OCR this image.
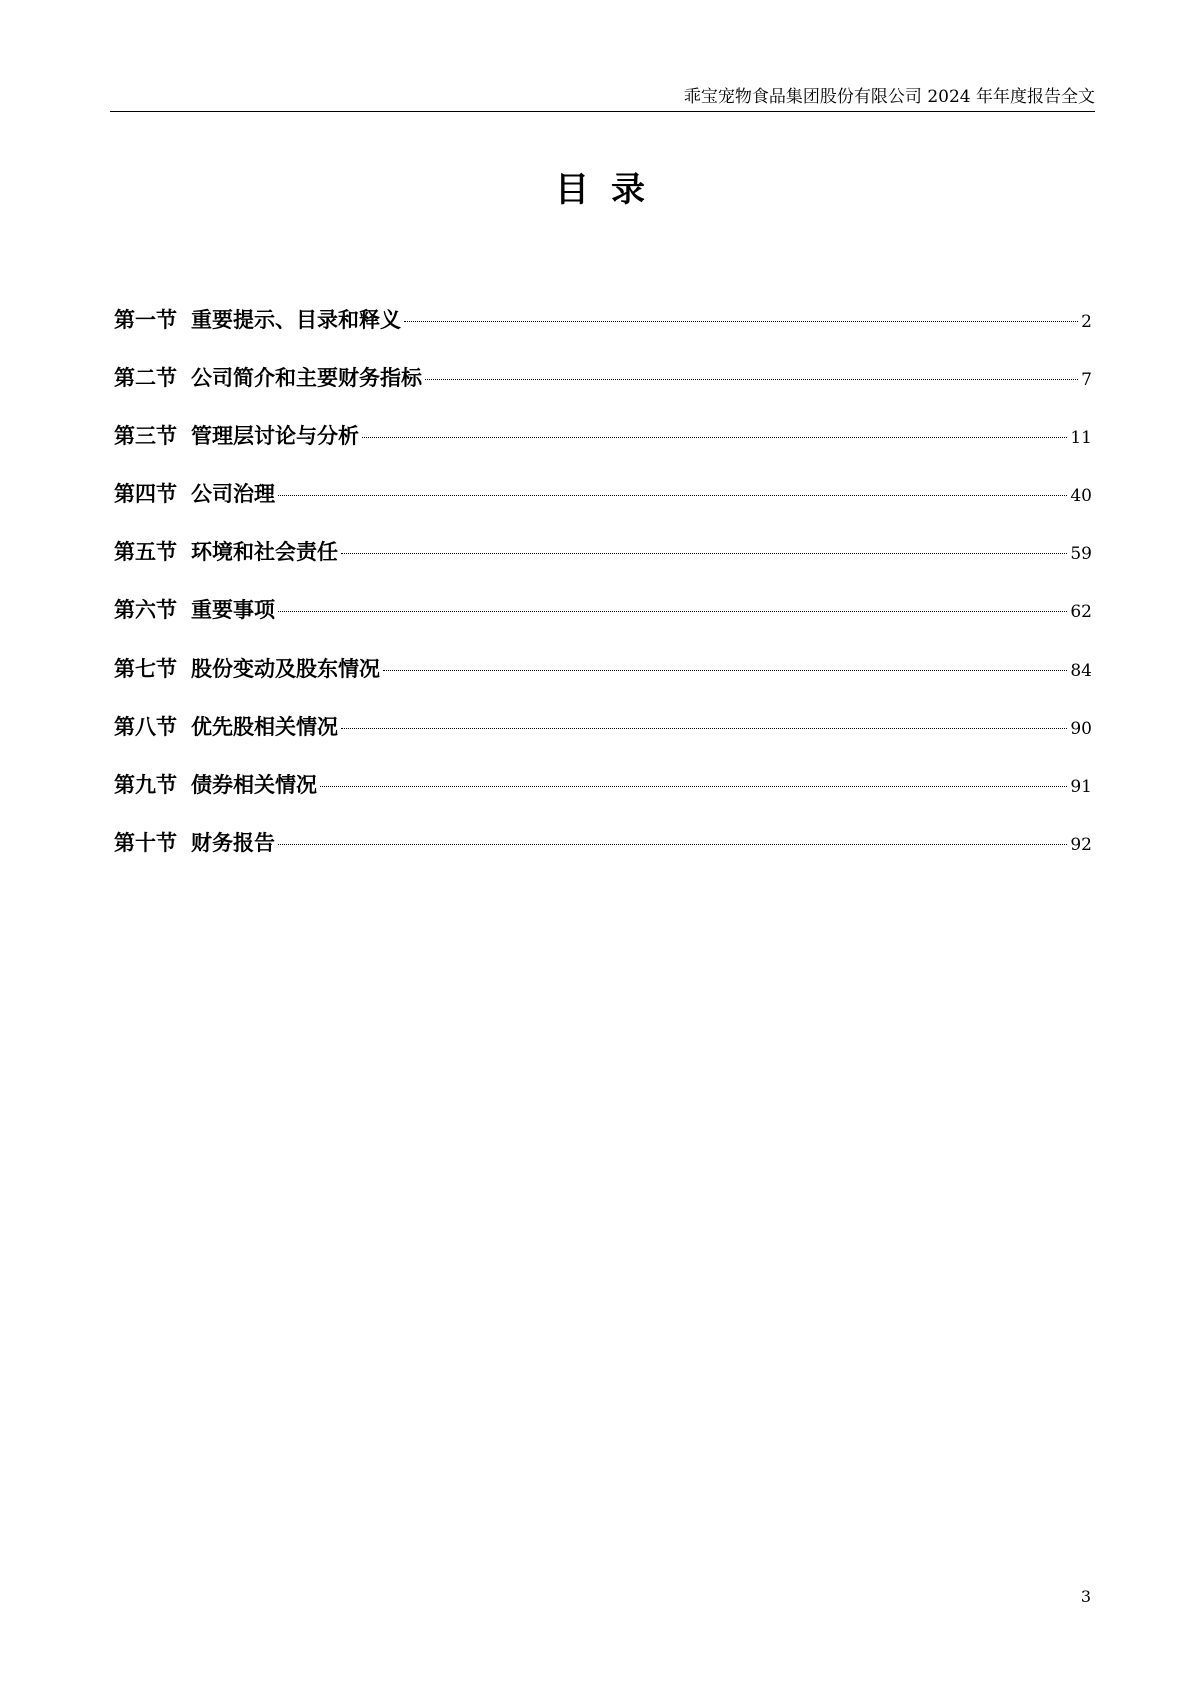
乖宝宠物食品集团股份有限公司 2024 年年度报告全文
目录
第一节 重要提示、目录和释义	2
第二节 公司简介和主要财务指标	7
第三节 管理层讨论与分析	11
第四节 公司治理	40
第五节 环境和社会责任	59
第六节 重要事项	62
第七节 股份变动及股东情况	84
第八节 优先股相关情况	90
第九节 债券相关情况	91
第十节 财务报告	92
3
